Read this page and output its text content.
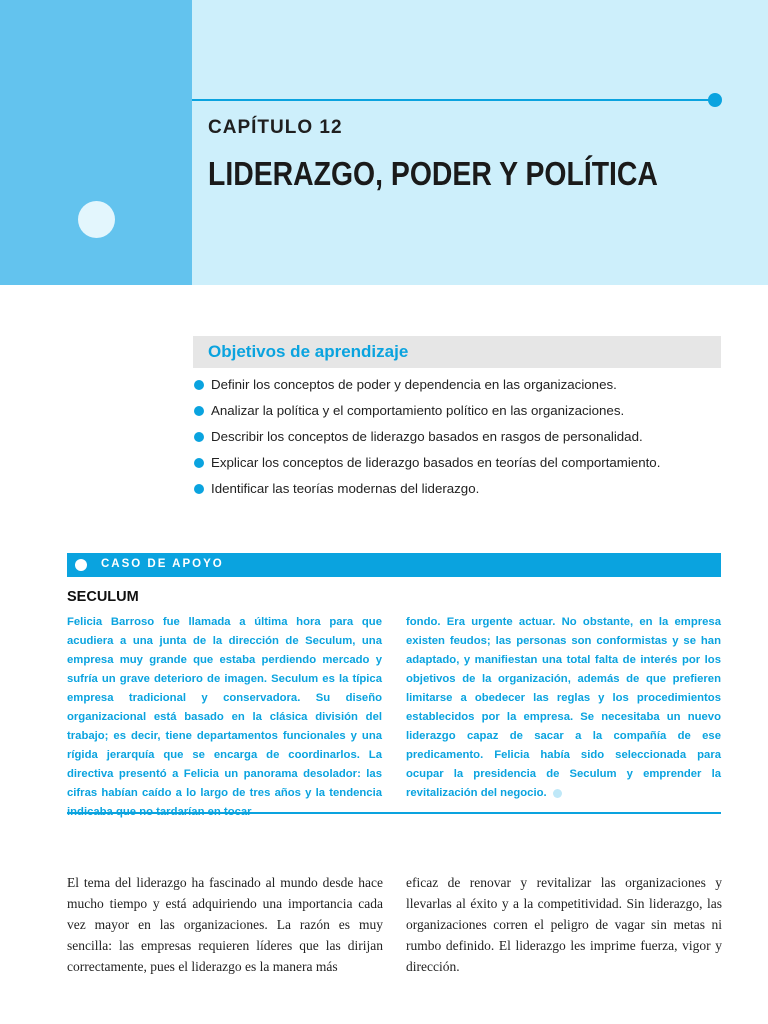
CAPÍTULO 12
LIDERAZGO, PODER Y POLÍTICA
Objetivos de aprendizaje
Definir los conceptos de poder y dependencia en las organizaciones.
Analizar la política y el comportamiento político en las organizaciones.
Describir los conceptos de liderazgo basados en rasgos de personalidad.
Explicar los conceptos de liderazgo basados en teorías del comportamiento.
Identificar las teorías modernas del liderazgo.
CASO DE APOYO
SECULUM

Felicia Barroso fue llamada a última hora para que acudiera a una junta de la dirección de Seculum, una empresa muy grande que estaba perdiendo mercado y sufría un grave deterioro de imagen. Seculum es la típica empresa tradicional y conservadora. Su diseño organizacional está basado en la clásica división del trabajo; es decir, tiene departamentos funcionales y una rígida jerarquía que se encarga de coordinarlos. La directiva presentó a Felicia un panorama desolador: las cifras habían caído a lo largo de tres años y la tendencia

fondo. Era urgente actuar. No obstante, en la empresa existen feudos; las personas son conformistas y se han adaptado, y manifiestan una total falta de interés por los objetivos de la organización, además de que prefieren limitarse a obedecer las reglas y los procedimientos establecidos por la empresa. Se necesitaba un nuevo liderazgo capaz de sacar a la compañía de ese predicamento. Felicia había sido seleccionada para ocupar la presidencia de Seculum y emprender la revitalización del negocio.

El tema del liderazgo ha fascinado al mundo desde hace mucho tiempo y está adquiriendo una importancia cada vez mayor en las organizaciones. La razón es muy sencilla: las empresas requieren líderes que las dirijan correctamente, pues el liderazgo es la manera más

eficaz de renovar y revitalizar las organizaciones y llevarlas al éxito y a la competitividad. Sin liderazgo, las organizaciones corren el peligro de vagar sin metas ni rumbo definido. El liderazgo les imprime fuerza, vigor y dirección.
